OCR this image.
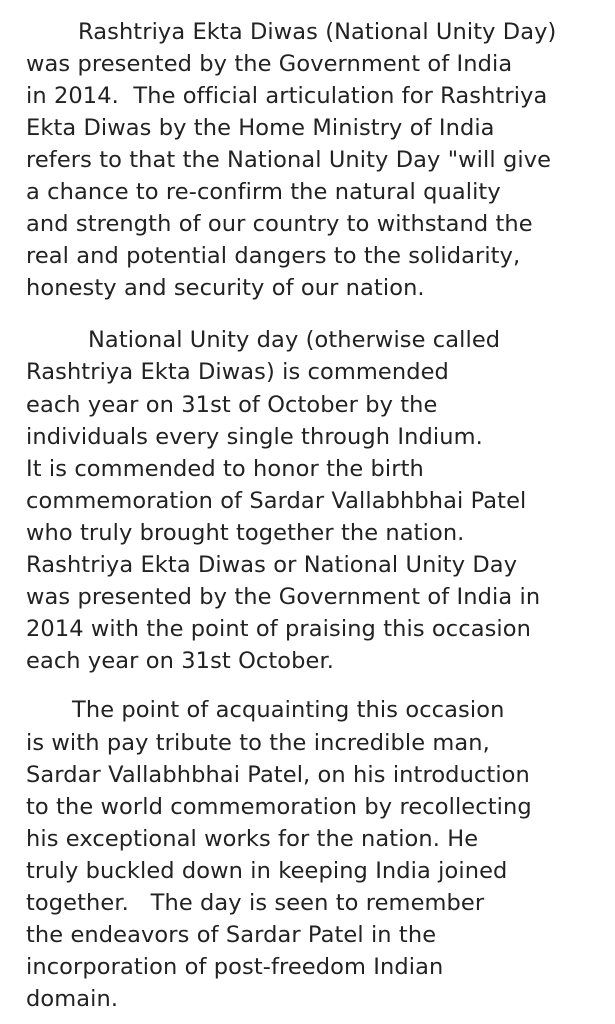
Rashtriya Ekta Diwas (National Unity Day)
was presented by the Government of India
in 2014.  The official articulation for Rashtriya
Ekta Diwas by the Home Ministry of India
refers to that the National Unity Day "will give
a chance to re-confirm the natural quality
and strength of our country to withstand the
real and potential dangers to the solidarity,
honesty and security of our nation.
National Unity day (otherwise called
Rashtriya Ekta Diwas) is commended
each year on 31st of October by the
individuals every single through Indium.
It is commended to honor the birth
commemoration of Sardar Vallabhbhai Patel
who truly brought together the nation.
Rashtriya Ekta Diwas or National Unity Day
was presented by the Government of India in
2014 with the point of praising this occasion
each year on 31st October.
The point of acquainting this occasion
is with pay tribute to the incredible man,
Sardar Vallabhbhai Patel, on his introduction
to the world commemoration by recollecting
his exceptional works for the nation. He
truly buckled down in keeping India joined
together.   The day is seen to remember
the endeavors of Sardar Patel in the
incorporation of post-freedom Indian
domain.
